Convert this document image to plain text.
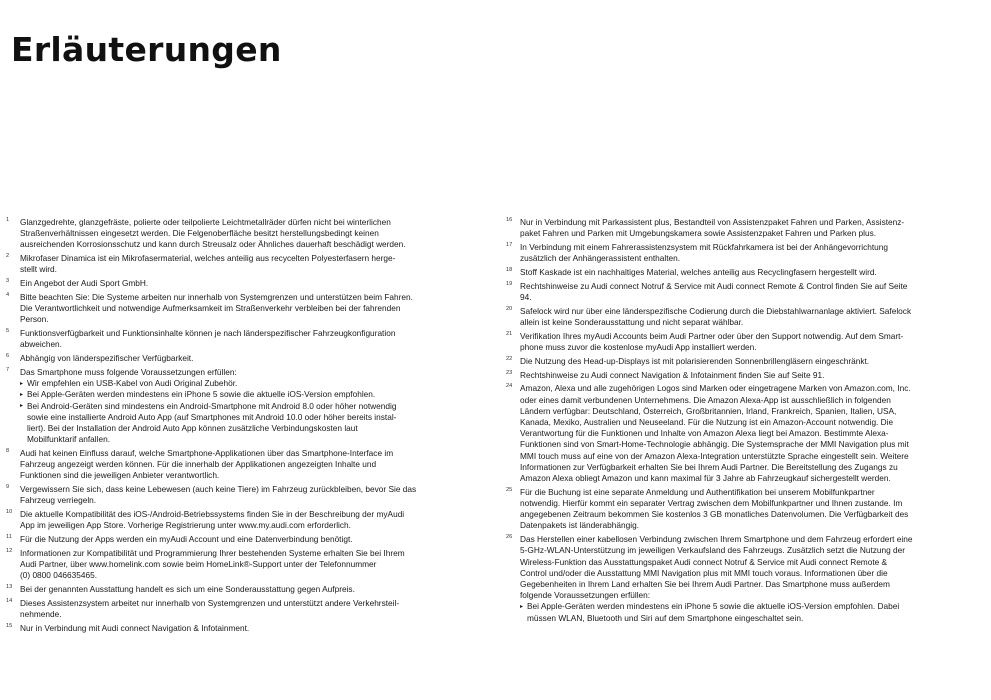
Erläuterungen
1 Glanzgedrehte, glanzgefräste, polierte oder teilpolierte Leichtmetallräder dürfen nicht bei winterlichen
Straßenverhältnissen eingesetzt werden. Die Felgenoberfläche besitzt herstellungsbedingt keinen
ausreichenden Korrosionsschutz und kann durch Streusalz oder Ähnliches dauerhaft beschädigt werden.
2 Mikrofaser Dinamica ist ein Mikrofasermaterial, welches anteilig aus recycelten Polyesterfasern herge-
stellt wird.
3 Ein Angebot der Audi Sport GmbH.
4 Bitte beachten Sie: Die Systeme arbeiten nur innerhalb von Systemgrenzen und unterstützen beim Fahren.
Die Verantwortlichkeit und notwendige Aufmerksamkeit im Straßenverkehr verbleiben bei der fahrenden
Person.
5 Funktionsverfügbarkeit und Funktionsinhalte können je nach länderspezifischer Fahrzeugkonfiguration
abweichen.
6 Abhängig von länderspezifischer Verfügbarkeit.
7 Das Smartphone muss folgende Voraussetzungen erfüllen:
▸ Wir empfehlen ein USB-Kabel von Audi Original Zubehör.
▸ Bei Apple-Geräten werden mindestens ein iPhone 5 sowie die aktuelle iOS-Version empfohlen.
▸ Bei Android-Geräten sind mindestens ein Android-Smartphone mit Android 8.0 oder höher notwendig
sowie eine installierte Android Auto App (auf Smartphones mit Android 10.0 oder höher bereits instal-
liert). Bei der Installation der Android Auto App können zusätzliche Verbindungskosten laut
Mobilfunktarif anfallen.
8 Audi hat keinen Einfluss darauf, welche Smartphone-Applikationen über das Smartphone-Interface im
Fahrzeug angezeigt werden können. Für die innerhalb der Applikationen angezeigten Inhalte und
Funktionen sind die jeweiligen Anbieter verantwortlich.
9 Vergewissern Sie sich, dass keine Lebewesen (auch keine Tiere) im Fahrzeug zurückbleiben, bevor Sie das
Fahrzeug verriegeln.
10 Die aktuelle Kompatibilität des iOS-/Android-Betriebssystems finden Sie in der Beschreibung der myAudi
App im jeweiligen App Store. Vorherige Registrierung unter www.my.audi.com erforderlich.
11 Für die Nutzung der Apps werden ein myAudi Account und eine Datenverbindung benötigt.
12 Informationen zur Kompatibilität und Programmierung Ihrer bestehenden Systeme erhalten Sie bei Ihrem
Audi Partner, über www.homelink.com sowie beim HomeLink®-Support unter der Telefonnummer
(0) 0800 046635465.
13 Bei der genannten Ausstattung handelt es sich um eine Sonderausstattung gegen Aufpreis.
14 Dieses Assistenzsystem arbeitet nur innerhalb von Systemgrenzen und unterstützt andere Verkehrsteil-
nehmende.
15 Nur in Verbindung mit Audi connect Navigation & Infotainment.
16 Nur in Verbindung mit Parkassistent plus, Bestandteil von Assistenzpaket Fahren und Parken, Assistenz-
paket Fahren und Parken mit Umgebungskamera sowie Assistenzpaket Fahren und Parken plus.
17 In Verbindung mit einem Fahrerassistenzsystem mit Rückfahrkamera ist bei der Anhängevorrichtung
zusätzlich der Anhängerassistent enthalten.
18 Stoff Kaskade ist ein nachhaltiges Material, welches anteilig aus Recyclingfasern hergestellt wird.
19 Rechtshinweise zu Audi connect Notruf & Service mit Audi connect Remote & Control finden Sie auf Seite
94.
20 Safelock wird nur über eine länderspezifische Codierung durch die Diebstahlwarnanlage aktiviert. Safelock
allein ist keine Sonderausstattung und nicht separat wählbar.
21 Verifikation Ihres myAudi Accounts beim Audi Partner oder über den Support notwendig. Auf dem Smart-
phone muss zuvor die kostenlose myAudi App installiert werden.
22 Die Nutzung des Head-up-Displays ist mit polarisierenden Sonnenbrillengläsern eingeschränkt.
23 Rechtshinweise zu Audi connect Navigation & Infotainment finden Sie auf Seite 91.
24 Amazon, Alexa und alle zugehörigen Logos sind Marken oder eingetragene Marken von Amazon.com, Inc.
oder eines damit verbundenen Unternehmens. Die Amazon Alexa-App ist ausschließlich in folgenden
Ländern verfügbar: Deutschland, Österreich, Großbritannien, Irland, Frankreich, Spanien, Italien, USA,
Kanada, Mexiko, Australien und Neuseeland. Für die Nutzung ist ein Amazon-Account notwendig. Die
Verantwortung für die Funktionen und Inhalte von Amazon Alexa liegt bei Amazon. Bestimmte Alexa-
Funktionen sind von Smart-Home-Technologie abhängig. Die Systemsprache der MMI Navigation plus mit
MMI touch muss auf eine von der Amazon Alexa-Integration unterstützte Sprache eingestellt sein. Weitere
Informationen zur Verfügbarkeit erhalten Sie bei Ihrem Audi Partner. Die Bereitstellung des Zugangs zu
Amazon Alexa obliegt Amazon und kann maximal für 3 Jahre ab Fahrzeugkauf sichergestellt werden.
25 Für die Buchung ist eine separate Anmeldung und Authentifikation bei unserem Mobilfunkpartner
notwendig. Hierfür kommt ein separater Vertrag zwischen dem Mobilfunkpartner und Ihnen zustande. Im
angegebenen Zeitraum bekommen Sie kostenlos 3 GB monatliches Datenvolumen. Die Verfügbarkeit des
Datenpakets ist länderabhängig.
26 Das Herstellen einer kabellosen Verbindung zwischen Ihrem Smartphone und dem Fahrzeug erfordert eine
5-GHz-WLAN-Unterstützung im jeweiligen Verkaufsland des Fahrzeugs. Zusätzlich setzt die Nutzung der
Wireless-Funktion das Ausstattungspaket Audi connect Notruf & Service mit Audi connect Remote &
Control und/oder die Ausstattung MMI Navigation plus mit MMI touch voraus. Informationen über die
Gegebenheiten in Ihrem Land erhalten Sie bei Ihrem Audi Partner. Das Smartphone muss außerdem
folgende Voraussetzungen erfüllen:
▸ Bei Apple-Geräten werden mindestens ein iPhone 5 sowie die aktuelle iOS-Version empfohlen. Dabei
müssen WLAN, Bluetooth und Siri auf dem Smartphone eingeschaltet sein.
